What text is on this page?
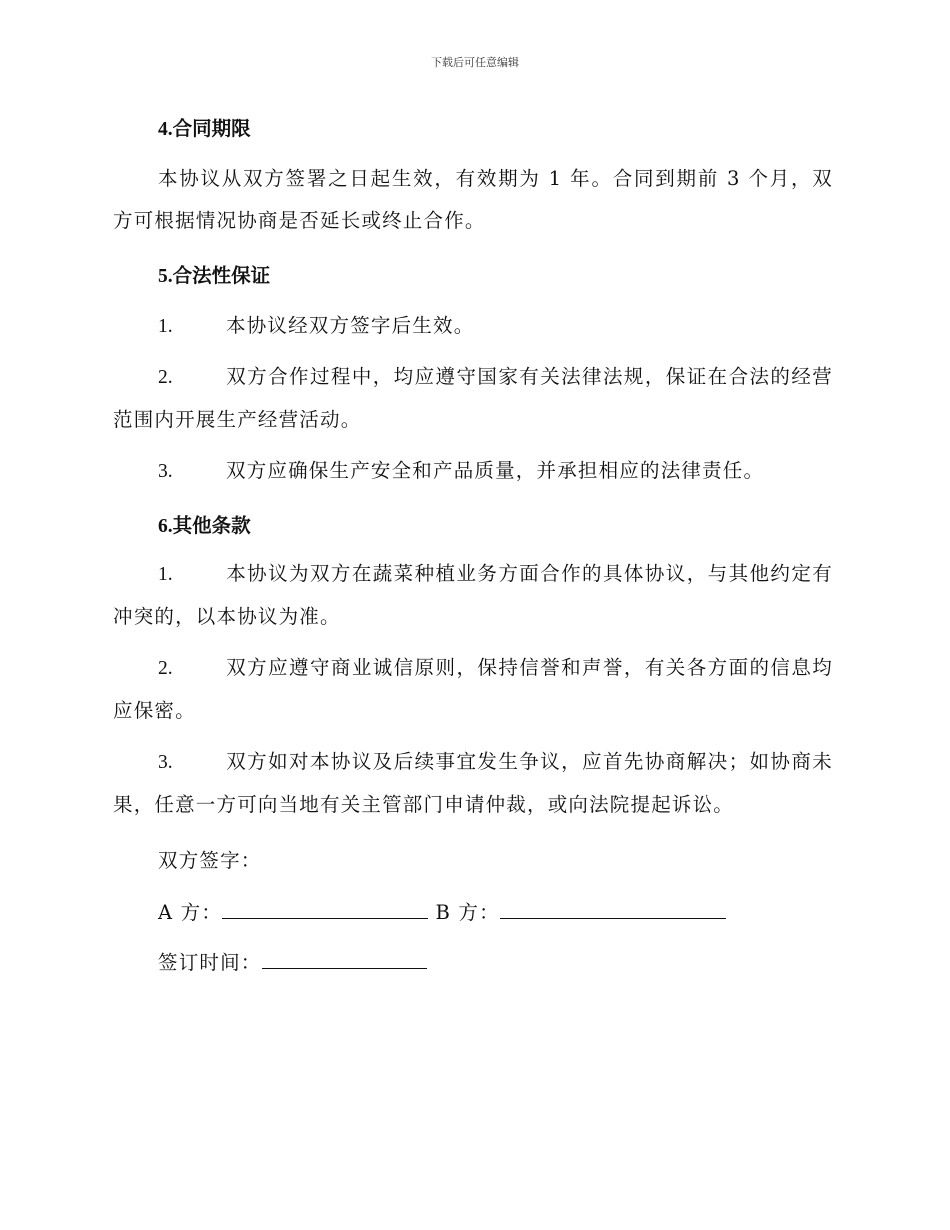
下载后可任意编辑
4.合同期限
本协议从双方签署之日起生效，有效期为 1 年。合同到期前 3 个月，双方可根据情况协商是否延长或终止合作。
5.合法性保证
1.	本协议经双方签字后生效。
2.	双方合作过程中，均应遵守国家有关法律法规，保证在合法的经营范围内开展生产经营活动。
3.	双方应确保生产安全和产品质量，并承担相应的法律责任。
6.其他条款
1.	本协议为双方在蔬菜种植业务方面合作的具体协议，与其他约定有冲突的，以本协议为准。
2.	双方应遵守商业诚信原则，保持信誉和声誉，有关各方面的信息均应保密。
3.	双方如对本协议及后续事宜发生争议，应首先协商解决；如协商未果，任意一方可向当地有关主管部门申请仲裁，或向法院提起诉讼。
双方签字：
A 方：	B 方：
签订时间：
